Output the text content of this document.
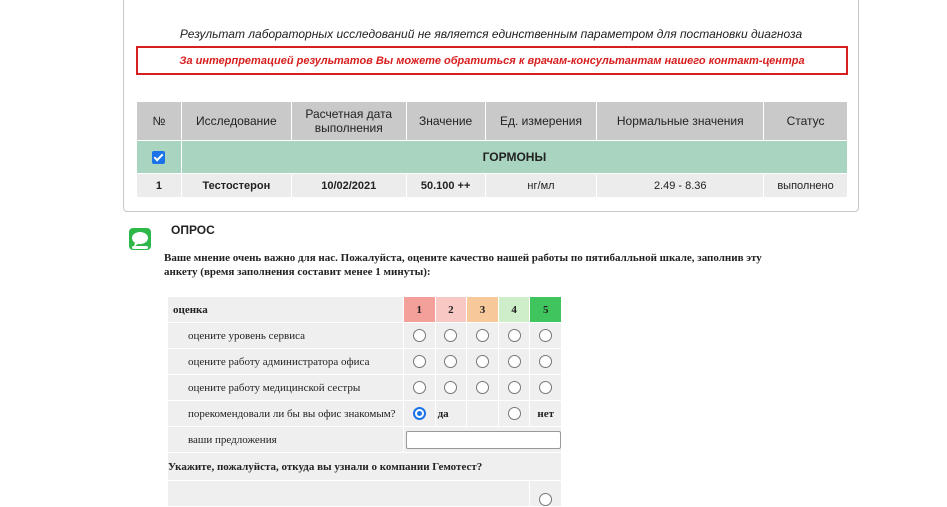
Результат лабораторных исследований не является единственным параметром для постановки диагноза
За интерпретацией результатов Вы можете обратиться к врачам-консультантам нашего контакт-центра
№	Исследование	Расчетная дата выполнения	Значение	Ед. измерения	Нормальные значения	Статус
	ГОРМОНЫ					
1	Тестостерон	10/02/2021	50.100 ++	нг/мл	2.49 - 8.36	выполнено
ОПРОС
Ваше мнение очень важно для нас. Пожалуйста, оцените качество нашей работы по пятибалльной шкале, заполнив эту анкету (время заполнения составит менее 1 минуты):
оценка	1	2	3	4	5
оцените уровень сервиса					
оцените работу администратора офиса					
оцените работу медицинской сестры					
порекомендовали ли бы вы офис знакомым?		да			нет
ваши предложения					

Укажите, пожалуйста, откуда вы узнали о компании Гемотест?					
